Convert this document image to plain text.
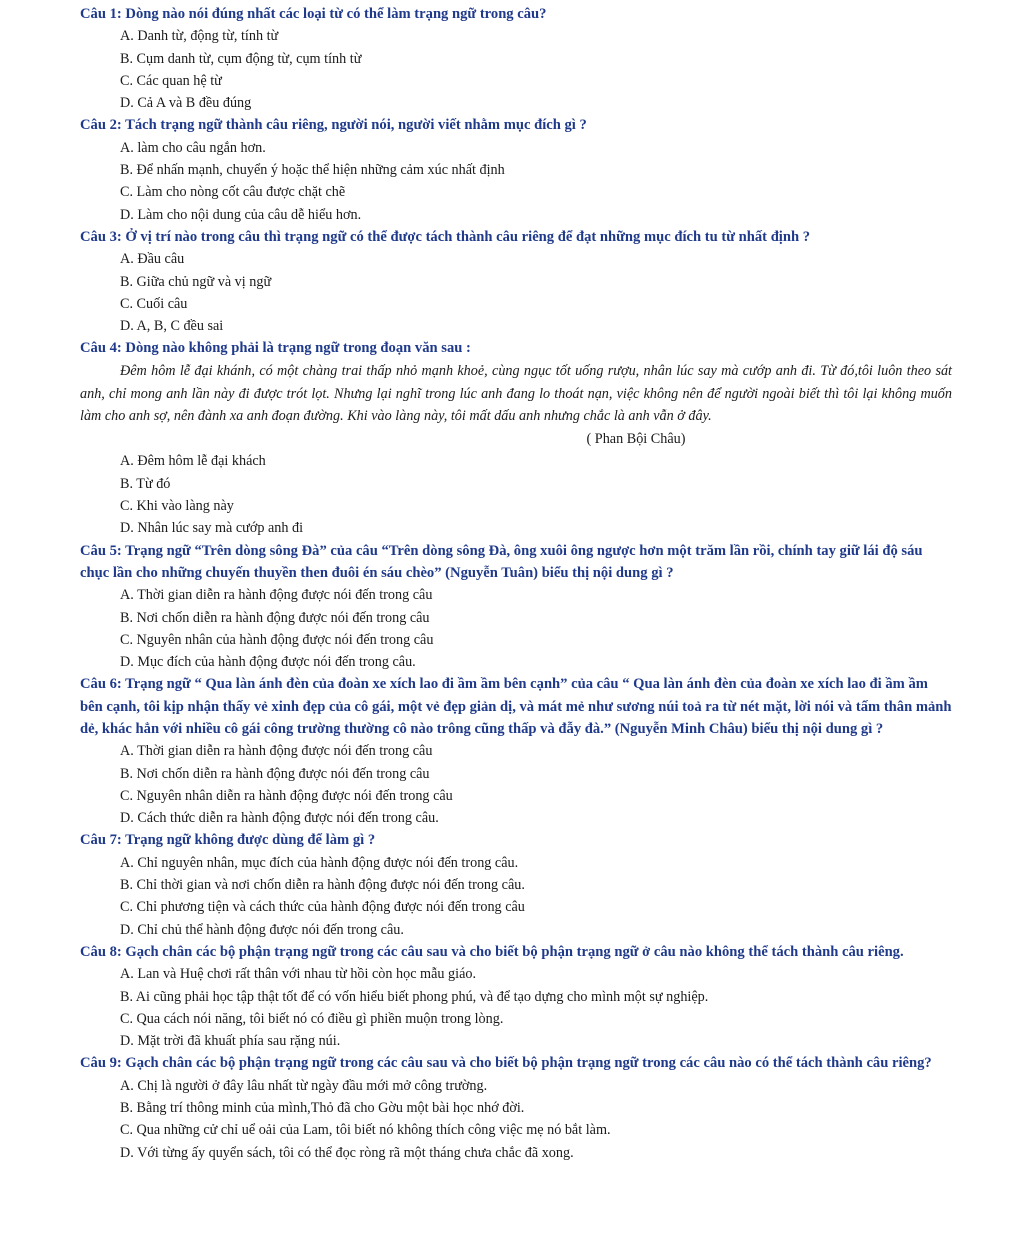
Câu 1: Dòng nào nói đúng nhất các loại từ có thể làm trạng ngữ trong câu?

A. Danh từ, động từ, tính từ

B. Cụm danh từ, cụm động từ, cụm tính từ

C. Các quan hệ từ

D. Cả A và B đều đúng

Câu 2: Tách trạng ngữ thành câu riêng, người nói, người viết nhằm mục đích gì ?

A. làm cho câu ngắn hơn.

B. Để nhấn mạnh, chuyển ý hoặc thể hiện những cảm xúc nhất định

C. Làm cho nòng cốt câu được chặt chẽ

D. Làm cho nội dung của câu dễ hiểu hơn.

Câu 3: Ở vị trí nào trong câu thì trạng ngữ có thể được tách thành câu riêng để đạt những mục đích tu từ nhất định ?

A. Đầu câu

B. Giữa chủ ngữ và vị ngữ

C. Cuối câu

D. A, B, C đều sai

Câu 4: Dòng nào không phải là trạng ngữ trong đoạn văn sau :

Đêm hôm lễ đại khánh, có một chàng trai thấp nhỏ mạnh khoẻ, cùng ngục tốt uống rượu, nhân lúc say mà cướp anh đi. Từ đó,tôi luôn theo sát anh, chỉ mong anh lần này đi được trót lọt. Nhưng lại nghĩ trong lúc anh đang lo thoát nạn, việc không nên để người ngoài biết thì tôi lại không muốn làm cho anh sợ, nên đành xa anh đoạn đường. Khi vào làng này, tôi mất dấu anh nhưng chắc là anh vẫn ở đây.

( Phan Bội Châu)

A. Đêm hôm lễ đại khách

B. Từ đó

C. Khi vào làng này

D. Nhân lúc say mà cướp anh đi

Câu 5: Trạng ngữ “Trên dòng sông Đà” của câu “Trên dòng sông Đà, ông xuôi ông ngược hơn một trăm lần rồi, chính tay giữ lái độ sáu chục lần cho những chuyến thuyền then đuôi én sáu chèo” (Nguyễn Tuân) biểu thị nội dung gì ?

A. Thời gian diễn ra hành động được nói đến trong câu

B. Nơi chốn diễn ra hành động được nói đến trong câu

C. Nguyên nhân của hành động được nói đến trong câu

D. Mục đích của hành động được nói đến trong câu.

Câu 6: Trạng ngữ “ Qua làn ánh đèn của đoàn xe xích lao đi ầm ầm bên cạnh” của câu “ Qua làn ánh đèn của đoàn xe xích lao đi ầm ầm bên cạnh, tôi kịp nhận thấy vẻ xinh đẹp của cô gái, một vẻ đẹp giản dị, và mát mẻ như sương núi toả ra từ nét mặt, lời nói và tấm thân mảnh dẻ, khác hẳn với nhiều cô gái công trường thường cô nào trông cũng thấp và đẫy đà.” (Nguyễn Minh Châu) biểu thị nội dung gì ?

A. Thời gian diễn ra hành động được nói đến trong câu

B. Nơi chốn diễn ra hành động được nói đến trong câu

C. Nguyên nhân diễn ra hành động được nói đến trong câu

D. Cách thức diễn ra hành động được nói đến trong câu.

Câu 7: Trạng ngữ không được dùng để làm gì ?

A. Chỉ nguyên nhân, mục đích của hành động được nói đến trong câu.

B. Chỉ thời gian và nơi chốn diễn ra hành động được nói đến trong câu.

C. Chỉ phương tiện và cách thức của hành động được nói đến trong câu

D. Chỉ chủ thể hành động được nói đến trong câu.

Câu 8: Gạch chân các bộ phận trạng ngữ trong các câu sau và cho biết bộ phận trạng ngữ ở câu nào không thể tách thành câu riêng.

A. Lan và Huệ chơi rất thân với nhau từ hồi còn học mẫu giáo.

B. Ai cũng phải học tập thật tốt để có vốn hiểu biết phong phú, và để tạo dựng cho mình một sự nghiệp.

C. Qua cách nói năng, tôi biết nó có điều gì phiền muộn trong lòng.

D. Mặt trời đã khuất phía sau rặng núi.

Câu 9: Gạch chân các bộ phận trạng ngữ trong các câu sau và cho biết bộ phận trạng ngữ trong các câu nào có thể tách thành câu riêng?

A. Chị là người ở đây lâu nhất từ ngày đầu mới mở công trường.

B. Bằng trí thông minh của mình,Thỏ đã cho Gờu một bài học nhớ đời.

C. Qua những cử chỉ uể oải của Lam, tôi biết nó không thích công việc mẹ nó bắt làm.

D. Với từng ấy quyển sách, tôi có thể đọc ròng rã một tháng chưa chắc đã xong.
